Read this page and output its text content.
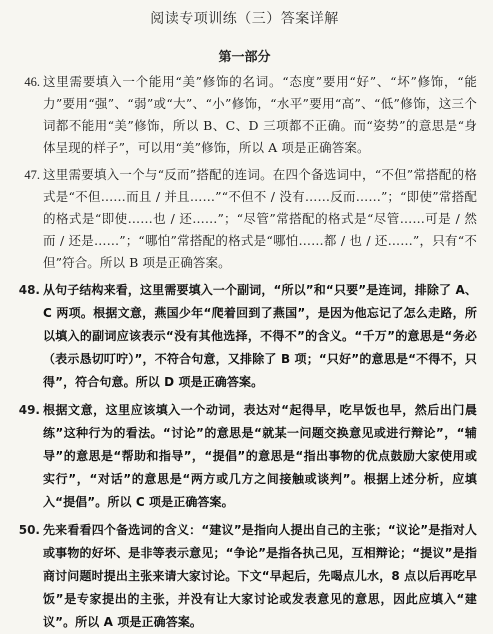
阅读专项训练（三）答案详解
第一部分
46. 这里需要填入一个能用“美”修饰的名词。“态度”要用“好”、“坏”修饰，“能力”要用“强”、“弱”或“大”、“小”修饰，“水平”要用“高”、“低”修饰，这三个词都不能用“美”修饰，所以 B、C、D 三项都不正确。而“姿势”的意思是“身体呈现的样子”，可以用“美”修饰，所以 A 项是正确答案。
47. 这里需要填入一个与“反而”搭配的连词。在四个备选词中，“不但”常搭配的格式是“不但……而且 / 并且……”“不但不 / 没有……反而……”；“即使”常搭配的格式是“即使……也 / 还……”；“尽管”常搭配的格式是“尽管……可是 / 然而 / 还是……”；“哪怕”常搭配的格式是“哪怕……都 / 也 / 还……”，只有“不但”符合。所以 B 项是正确答案。
48. 从句子结构来看，这里需要填入一个副词，“所以”和“只要”是连词，排除了 A、C 两项。根据文意，燕国少年“爬着回到了燕国”，是因为他忘记了怎么走路，所以填入的副词应该表示“没有其他选择，不得不”的含义。“千万”的意思是“务必（表示恳切叮咛）”，不符合句意，又排除了 B 项；“只好”的意思是“不得不，只得”，符合句意。所以 D 项是正确答案。
49. 根据文意，这里应该填入一个动词，表达对“起得早，吃早饭也早，然后出门晨练”这种行为的看法。“讨论”的意思是“就某一问题交换意见或进行辩论”，“辅导”的意思是“帮助和指导”，“提倡”的意思是“指出事物的优点鼓励大家使用或实行”，“对话”的意思是“两方或几方之间接触或谈判”。根据上述分析，应填入“提倡”。所以 C 项是正确答案。
50. 先来看看四个备选词的含义：“建议”是指向人提出自己的主张；“议论”是指对人或事物的好坏、是非等表示意见；“争论”是指各执己见，互相辩论；“提议”是指商讨问题时提出主张来请大家讨论。下文“早起后，先喝点儿水，8 点以后再吃早饭”是专家提出的主张，并没有让大家讨论或发表意见的意思，因此应填入“建议”。所以 A 项是正确答案。
